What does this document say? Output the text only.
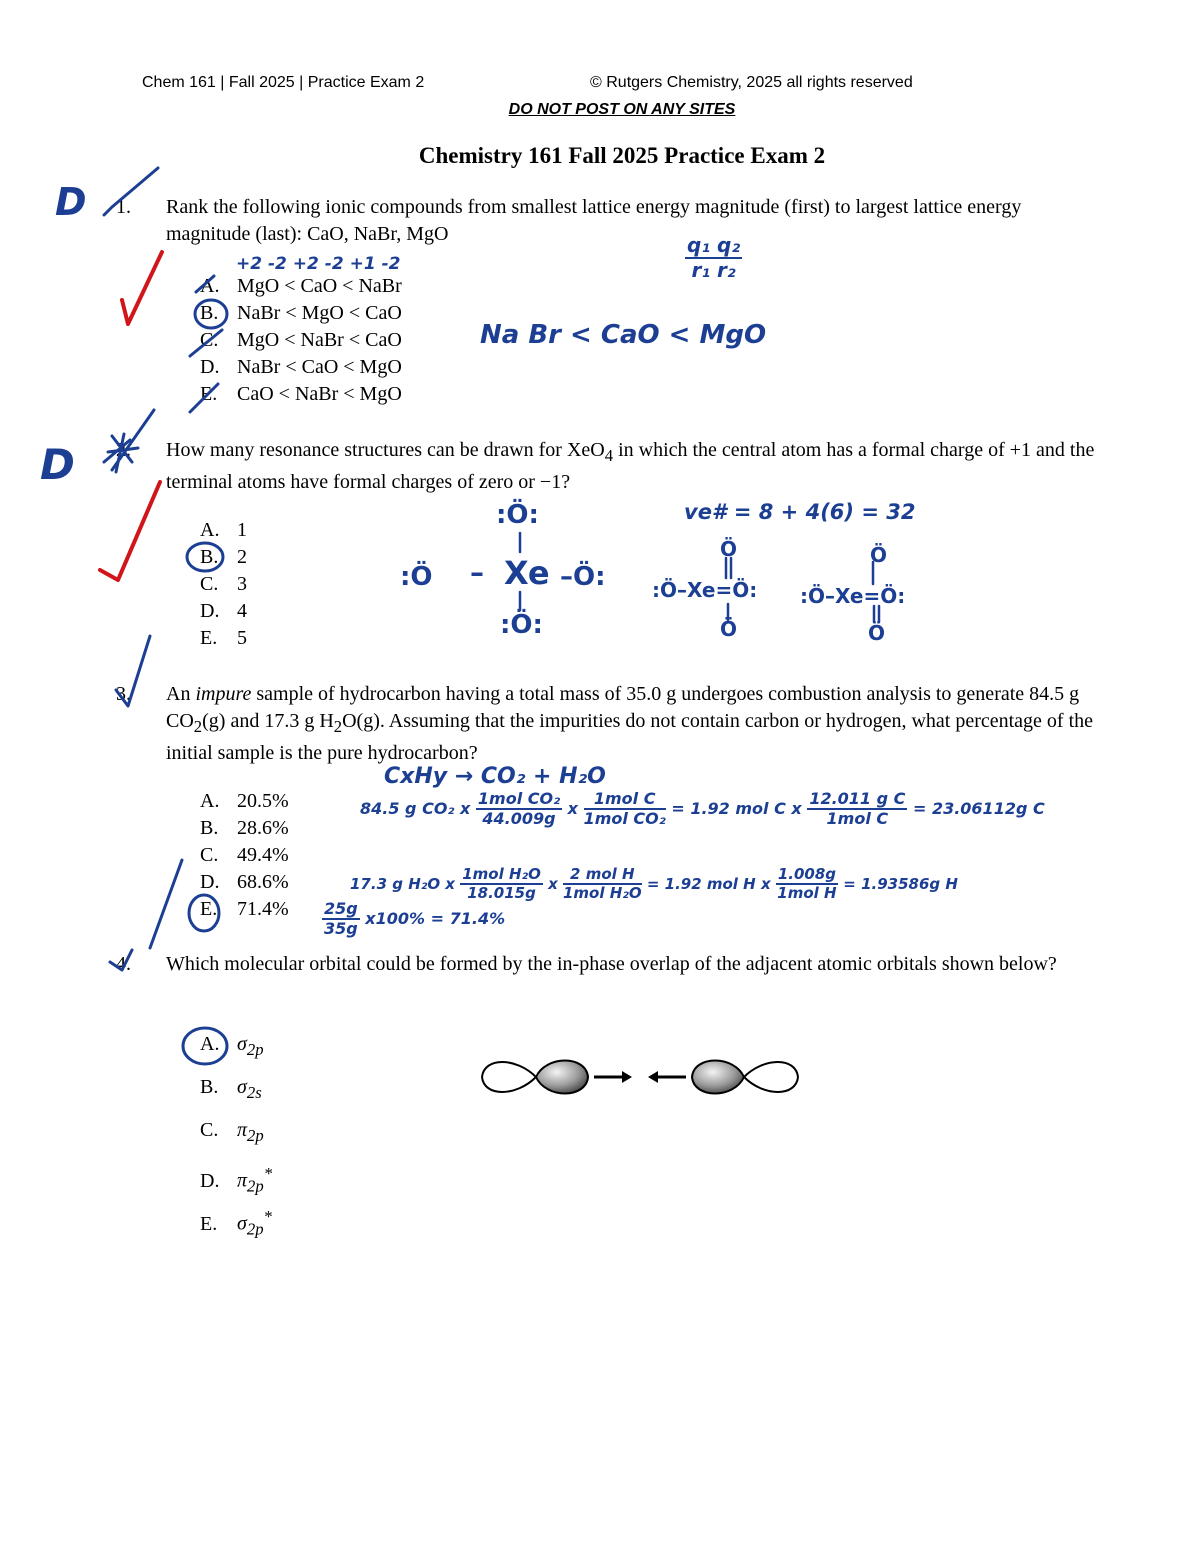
Chem 161 | Fall 2025 | Practice Exam 2	© Rutgers Chemistry, 2025 all rights reserved
DO NOT POST ON ANY SITES
Chemistry 161 Fall 2025 Practice Exam 2
1. Rank the following ionic compounds from smallest lattice energy magnitude (first) to largest lattice energy magnitude (last): CaO, NaBr, MgO
A. MgO < CaO < NaBr
B. NaBr < MgO < CaO
C. MgO < NaBr < CaO
D. NaBr < CaO < MgO
E. CaO < NaBr < MgO
2. How many resonance structures can be drawn for XeO$_4$ in which the central atom has a formal charge of +1 and the terminal atoms have formal charges of zero or −1?
A. 1
B. 2
C. 3
D. 4
E. 5
3. An impure sample of hydrocarbon having a total mass of 35.0 g undergoes combustion analysis to generate 84.5 g $CO_2(g)$ and 17.3 g $H_2O(g)$. Assuming that the impurities do not contain carbon or hydrogen, what percentage of the initial sample is the pure hydrocarbon?
A. 20.5%
B. 28.6%
C. 49.4%
D. 68.6%
E. 71.4%
4. Which molecular orbital could be formed by the in-phase overlap of the adjacent atomic orbitals shown below?
A. $\sigma_{2p}$
B. $\sigma_{2s}$
C. $\pi_{2p}$
D. $\pi_{2p}^*$
E. $\sigma_{2p}^*$
D
D
+2 -2 +2 -2 +1 -2	$\frac{\text{q₁ q₂}}{\text{r₁ r₂}}$
Na Br < CaO < MgO
:Ö:
:Ö – Xe –Ö:
:Ö:
ve# = 8 + 4(6) = 32
:Ö–Xe=Ö: :Ö–Xe=Ö:
Ö
Ö
Ö
Ö
CxHy → CO₂ + H₂O
84.5 g CO₂ x $\frac{\text{1mol CO₂}}{44.009g}$ x $\frac{\text{1mol C}}{\text{1mol CO₂}} = 1.92$ mol C x $\frac{\text{12.011 g C}}{\text{1mol C}} = 23.06112g$ C
17.3 g H₂O x $\frac{\text{1mol H₂O}}{18.015g}$ x $\frac{\text{2 mol H}}{\text{1mol H₂O}} = 1.92$ mol H x $\frac{1.008g}{\text{1mol H}} = 1.93586g$ H
$\frac{25g}{35g} x100\% = 71.4\%$
